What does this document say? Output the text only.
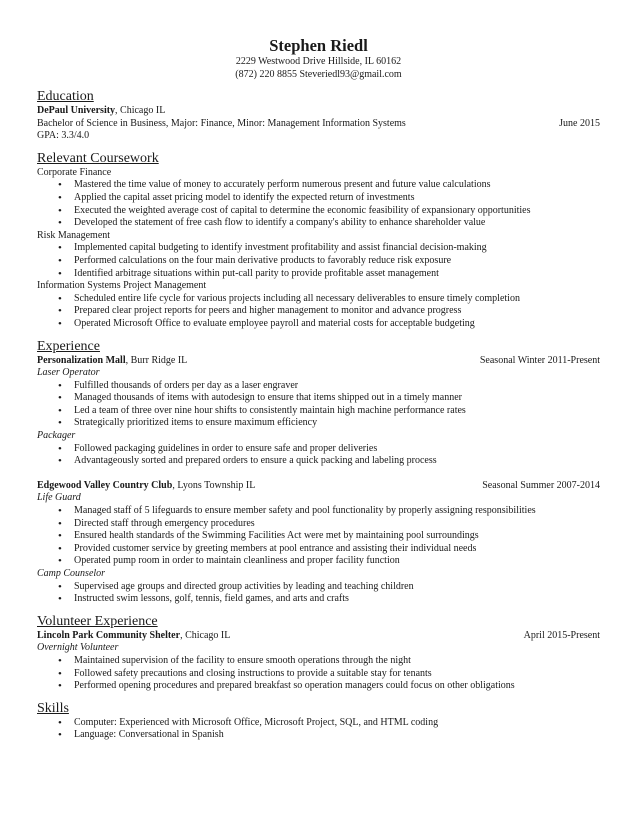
Stephen Riedl
2229 Westwood Drive Hillside, IL 60162
(872) 220 8855 Steveriedl93@gmail.com
Education
DePaul University, Chicago IL
Bachelor of Science in Business, Major: Finance, Minor: Management Information Systems	June 2015
GPA: 3.3/4.0
Relevant Coursework
Corporate Finance
• Mastered the time value of money to accurately perform numerous present and future value calculations
• Applied the capital asset pricing model to identify the expected return of investments
• Executed the weighted average cost of capital to determine the economic feasibility of expansionary opportunities
• Developed the statement of free cash flow to identify a company's ability to enhance shareholder value
Risk Management
• Implemented capital budgeting to identify investment profitability and assist financial decision-making
• Performed calculations on the four main derivative products to favorably reduce risk exposure
• Identified arbitrage situations within put-call parity to provide profitable asset management
Information Systems Project Management
• Scheduled entire life cycle for various projects including all necessary deliverables to ensure timely completion
• Prepared clear project reports for peers and higher management to monitor and advance progress
• Operated Microsoft Office to evaluate employee payroll and material costs for acceptable budgeting
Experience
Personalization Mall, Burr Ridge IL	Seasonal Winter 2011-Present
Laser Operator
• Fulfilled thousands of orders per day as a laser engraver
• Managed thousands of items with autodesign to ensure that items shipped out in a timely manner
• Led a team of three over nine hour shifts to consistently maintain high machine performance rates
• Strategically prioritized items to ensure maximum efficiency
Packager
• Followed packaging guidelines in order to ensure safe and proper deliveries
• Advantageously sorted and prepared orders to ensure a quick packing and labeling process
Edgewood Valley Country Club, Lyons Township IL	Seasonal Summer 2007-2014
Life Guard
• Managed staff of 5 lifeguards to ensure member safety and pool functionality by properly assigning responsibilities
• Directed staff through emergency procedures
• Ensured health standards of the Swimming Facilities Act were met by maintaining pool surroundings
• Provided customer service by greeting members at pool entrance and assisting their individual needs
• Operated pump room in order to maintain cleanliness and proper facility function
Camp Counselor
• Supervised age groups and directed group activities by leading and teaching children
• Instructed swim lessons, golf, tennis, field games, and arts and crafts
Volunteer Experience
Lincoln Park Community Shelter, Chicago IL	April 2015-Present
Overnight Volunteer
• Maintained supervision of the facility to ensure smooth operations through the night
• Followed safety precautions and closing instructions to provide a suitable stay for tenants
• Performed opening procedures and prepared breakfast so operation managers could focus on other obligations
Skills
• Computer: Experienced with Microsoft Office, Microsoft Project, SQL, and HTML coding
• Language: Conversational in Spanish
